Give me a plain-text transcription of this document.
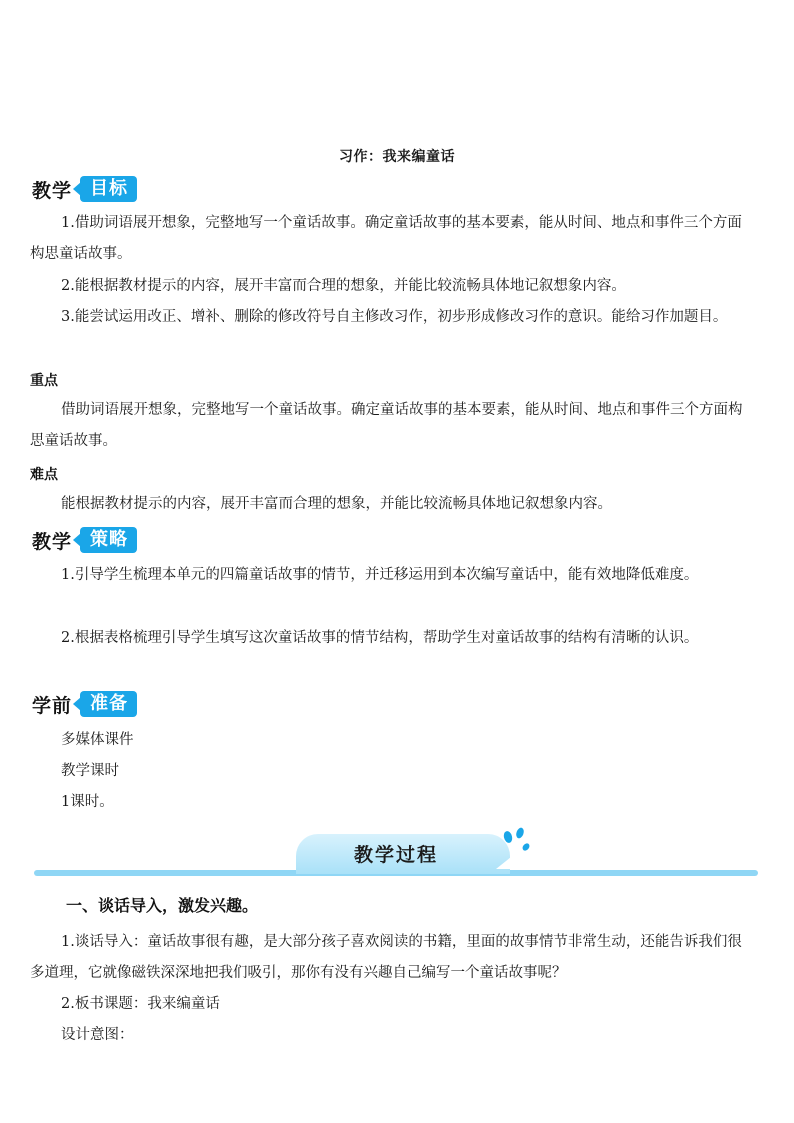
习作：我来编童话
教学	目标

1.借助词语展开想象，完整地写一个童话故事。确定童话故事的基本要素，能从时间、地点和事件三个方面构思童话故事。

2.能根据教材提示的内容，展开丰富而合理的想象，并能比较流畅具体地记叙想象内容。

3.能尝试运用改正、增补、删除的修改符号自主修改习作，初步形成修改习作的意识。能给习作加题目。

重点

借助词语展开想象，完整地写一个童话故事。确定童话故事的基本要素，能从时间、地点和事件三个方面构思童话故事。

难点

能根据教材提示的内容，展开丰富而合理的想象，并能比较流畅具体地记叙想象内容。

教学	策略

1.引导学生梳理本单元的四篇童话故事的情节，并迁移运用到本次编写童话中，能有效地降低难度。

2.根据表格梳理引导学生填写这次童话故事的情节结构，帮助学生对童话故事的结构有清晰的认识。

学前	准备

多媒体课件

教学课时

1课时。

教学过程
一、谈话导入，激发兴趣。

1.谈话导入：童话故事很有趣，是大部分孩子喜欢阅读的书籍，里面的故事情节非常生动，还能告诉我们很多道理，它就像磁铁深深地把我们吸引，那你有没有兴趣自己编写一个童话故事呢？

2.板书课题：我来编童话

设计意图：
